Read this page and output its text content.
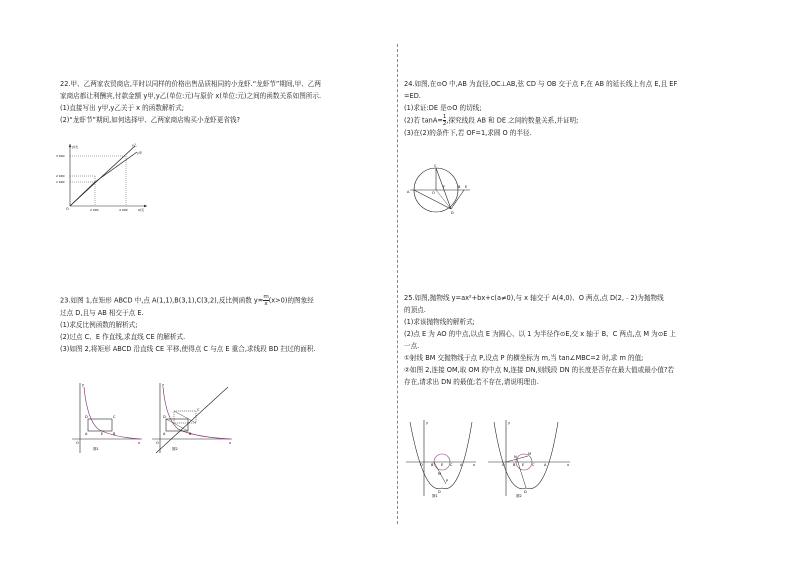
22.甲、乙两家农贸商店,平时以同样的价格出售品质相同的小龙虾.“龙虾节”期间,甲、乙两
家商店都让利酬宾,付款金额 y甲,y乙(单位:元)与原价 x(单位:元)之间的函数关系如图所示.
(1)直接写出 y甲,y乙关于 x 的函数解析式;
(2)“龙虾节”期间,如何选择甲、乙两家商店购买小龙虾更省钱?
y/元
x/元
O
3 600
2 000
1 600
2 000	4 000
y乙
y甲
23.如图 1,在矩形 ABCD 中,点 A(1,1),B(3,1),C(3,2),反比例函数 $y= \frac{m}{x} (x>0)$的图象经
过点 D,且与 AB 相交于点 E.
(1)求反比例函数的解析式;
(2)过点 C、E 作直线,求直线 CE 的解析式.
(3)如图 2,将矩形 ABCD 沿直线 CE 平移,使得点 C 与点 E 重合,求线段 BD 扫过的面积.
D	C
A	E	B
O	x
y
图1
D
C
A	B
O	x
y
图2
24.如图,在⊙O 中,AB 为直径,OC⊥AB,弦 CD 与 OB 交于点 F,在 AB 的延长线上有点 E,且 EF
=ED.
(1)求证:DE 是⊙O 的切线;
(2)若 $\tan A= \frac{1}{2}$ ,探究线段 AB 和 DE 之间的数量关系,并证明;
(3)在(2)的条件下,若 OF=1,求圆 O 的半径.
A
C
O
F	B E
D
25.如图,抛物线 y=ax²+bx+c(a≠0),与 x 轴交于 A(4,0)、O 两点,点 D(2,﹣2)为抛物线
的顶点.
(1)求该抛物线的解析式;
(2)点 E 为 AO 的中点,以点 E 为圆心、以 1 为半径作⊙E,交 x 轴于 B、C 两点,点 M 为⊙E 上
一点.
①射线 BM 交抛物线于点 P,设点 P 的横坐标为 m,当 tan∠MBC=2 时,求 m 的值;
②如图 2,连接 OM,取 OM 的中点 N,连接 DN,则线段 DN 的长度是否存在最大值或最小值?若
存在,请求出 DN 的最值;若不存在,请说明理由.
O B E C A
M
P
D
y
x
图1
O B E C	A
M
N
D
y
x
图2
